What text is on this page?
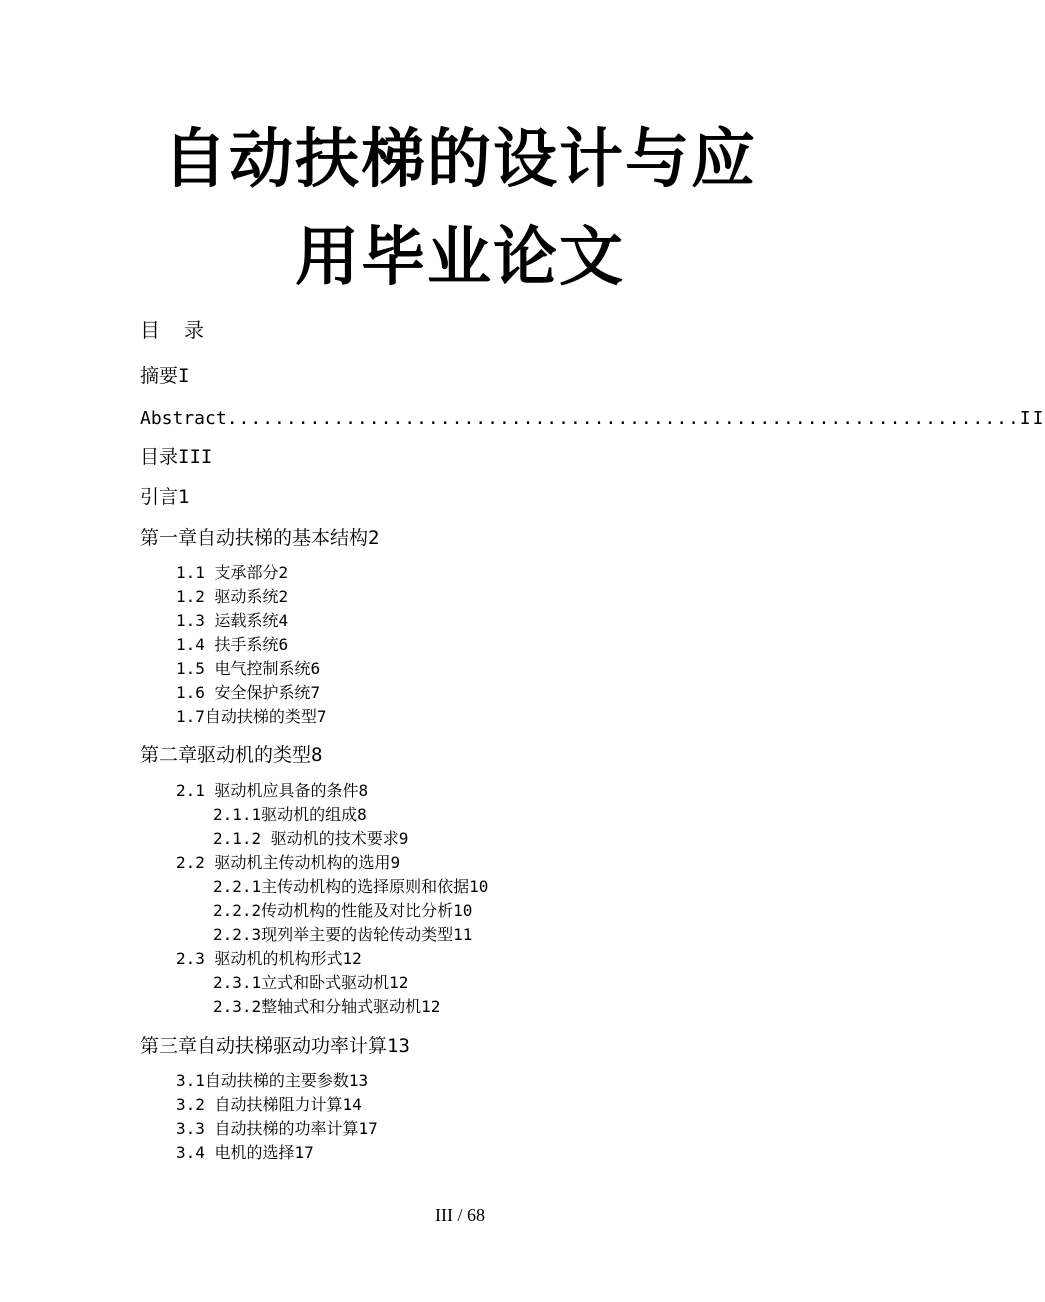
自动扶梯的设计与应
用毕业论文
目 录
摘要I
Abstract ................................................................... II
目录III
引言1
第一章自动扶梯的基本结构2
1.1 支承部分2
1.2 驱动系统2
1.3 运载系统4
1.4 扶手系统6
1.5 电气控制系统6
1.6 安全保护系统7
1.7自动扶梯的类型7
第二章驱动机的类型8
2.1 驱动机应具备的条件8
2.1.1驱动机的组成8
2.1.2 驱动机的技术要求9
2.2 驱动机主传动机构的选用9
2.2.1主传动机构的选择原则和依据10
2.2.2传动机构的性能及对比分析10
2.2.3现列举主要的齿轮传动类型11
2.3 驱动机的机构形式12
2.3.1立式和卧式驱动机12
2.3.2整轴式和分轴式驱动机12
第三章自动扶梯驱动功率计算13
3.1自动扶梯的主要参数13
3.2 自动扶梯阻力计算14
3.3 自动扶梯的功率计算17
3.4 电机的选择17
III / 68
